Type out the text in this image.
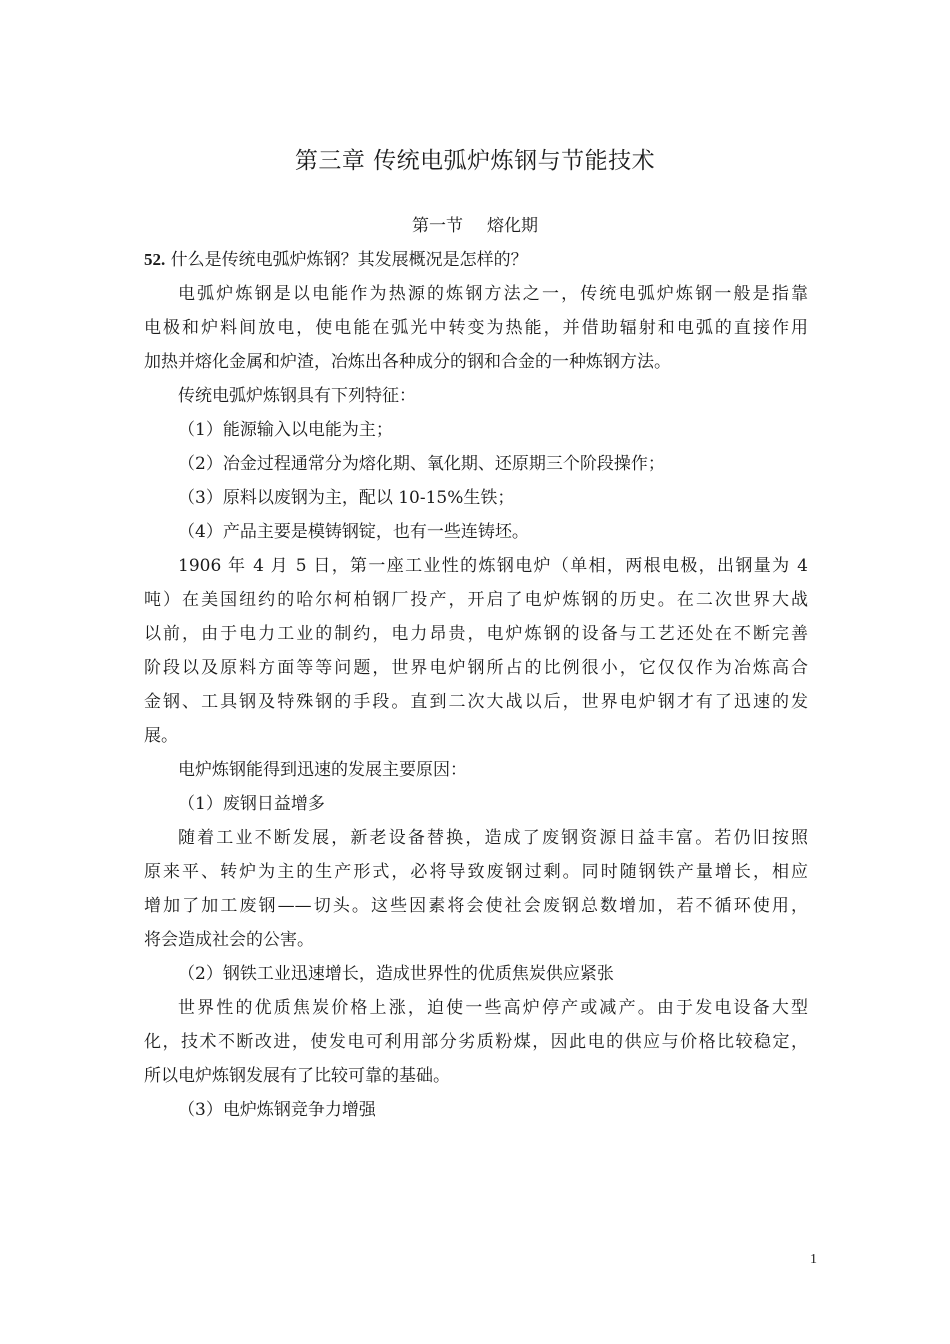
第三章 传统电弧炉炼钢与节能技术
第一节 熔化期

52. 什么是传统电弧炉炼钢？其发展概况是怎样的？

电弧炉炼钢是以电能作为热源的炼钢方法之一，传统电弧炉炼钢一般是指靠
电极和炉料间放电，使电能在弧光中转变为热能，并借助辐射和电弧的直接作用
加热并熔化金属和炉渣，冶炼出各种成分的钢和合金的一种炼钢方法。

传统电弧炉炼钢具有下列特征：

（1）能源输入以电能为主；

（2）冶金过程通常分为熔化期、氧化期、还原期三个阶段操作；

（3）原料以废钢为主，配以 10-15%生铁；

（4）产品主要是模铸钢锭，也有一些连铸坯。

1906 年 4 月 5 日，第一座工业性的炼钢电炉（单相，两根电极，出钢量为 4
吨）在美国纽约的哈尔柯柏钢厂投产，开启了电炉炼钢的历史。在二次世界大战
以前，由于电力工业的制约，电力昂贵，电炉炼钢的设备与工艺还处在不断完善
阶段以及原料方面等等问题，世界电炉钢所占的比例很小，它仅仅作为冶炼高合
金钢、工具钢及特殊钢的手段。直到二次大战以后，世界电炉钢才有了迅速的发
展。

电炉炼钢能得到迅速的发展主要原因：

（1）废钢日益增多

随着工业不断发展，新老设备替换，造成了废钢资源日益丰富。若仍旧按照
原来平、转炉为主的生产形式，必将导致废钢过剩。同时随钢铁产量增长，相应
增加了加工废钢——切头。这些因素将会使社会废钢总数增加，若不循环使用，
将会造成社会的公害。

（2）钢铁工业迅速增长，造成世界性的优质焦炭供应紧张

世界性的优质焦炭价格上涨，迫使一些高炉停产或减产。由于发电设备大型
化，技术不断改进，使发电可利用部分劣质粉煤，因此电的供应与价格比较稳定，
所以电炉炼钢发展有了比较可靠的基础。

（3）电炉炼钢竞争力增强

1
